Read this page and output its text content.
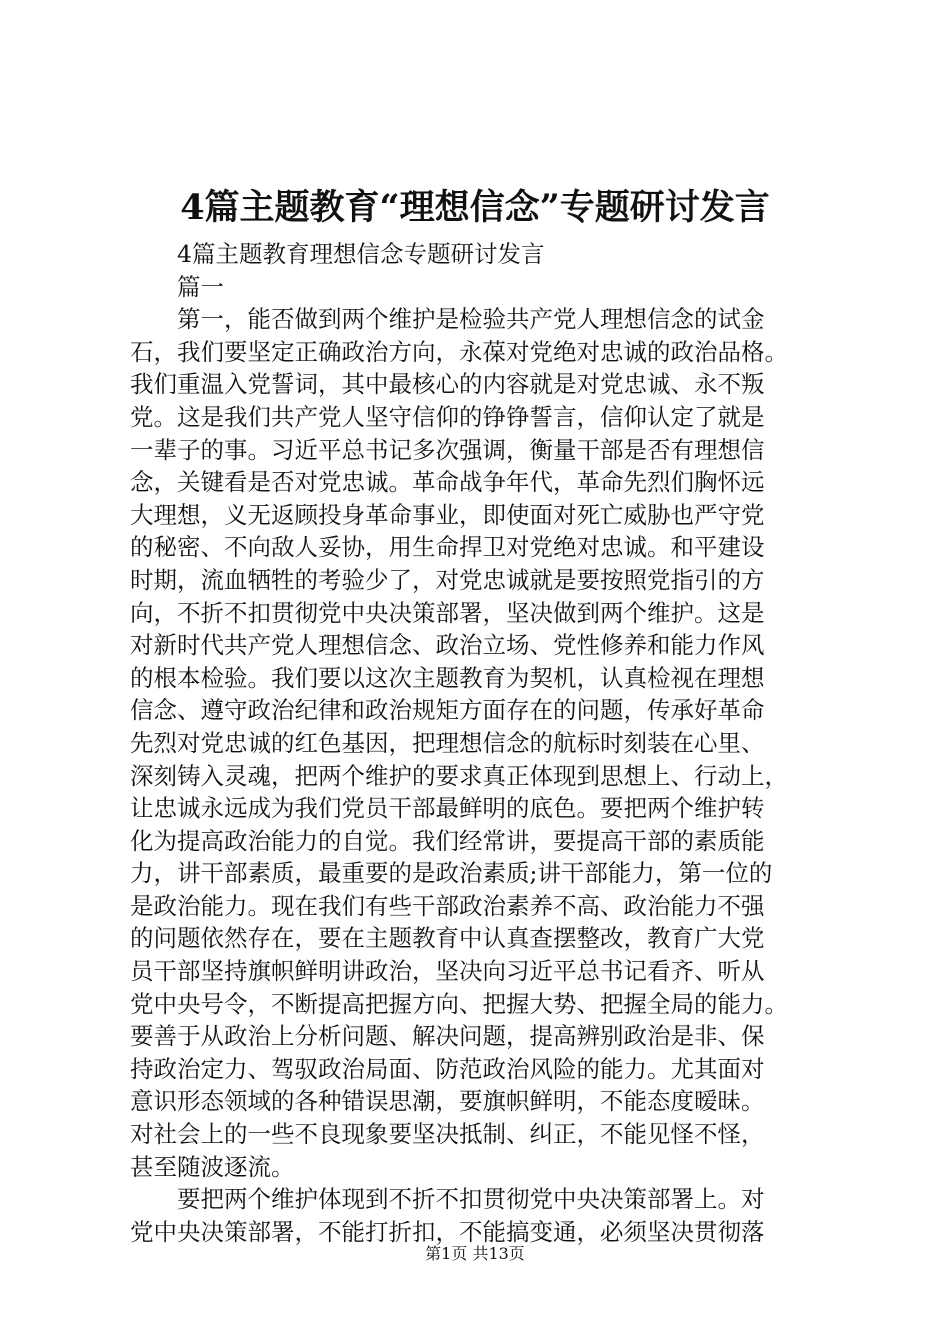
4篇主题教育“理想信念”专题研讨发言
4篇主题教育理想信念专题研讨发言
篇一
第一，能否做到两个维护是检验共产党人理想信念的试金
石，我们要坚定正确政治方向，永葆对党绝对忠诚的政治品格。
我们重温入党誓词，其中最核心的内容就是对党忠诚、永不叛
党。这是我们共产党人坚守信仰的铮铮誓言，信仰认定了就是
一辈子的事。习近平总书记多次强调，衡量干部是否有理想信
念，关键看是否对党忠诚。革命战争年代，革命先烈们胸怀远
大理想，义无返顾投身革命事业，即使面对死亡威胁也严守党
的秘密、不向敌人妥协，用生命捍卫对党绝对忠诚。和平建设
时期，流血牺牲的考验少了，对党忠诚就是要按照党指引的方
向，不折不扣贯彻党中央决策部署，坚决做到两个维护。这是
对新时代共产党人理想信念、政治立场、党性修养和能力作风
的根本检验。我们要以这次主题教育为契机，认真检视在理想
信念、遵守政治纪律和政治规矩方面存在的问题，传承好革命
先烈对党忠诚的红色基因，把理想信念的航标时刻装在心里、
深刻铸入灵魂，把两个维护的要求真正体现到思想上、行动上，
让忠诚永远成为我们党员干部最鲜明的底色。要把两个维护转
化为提高政治能力的自觉。我们经常讲，要提高干部的素质能
力，讲干部素质，最重要的是政治素质;讲干部能力，第一位的
是政治能力。现在我们有些干部政治素养不高、政治能力不强
的问题依然存在，要在主题教育中认真查摆整改，教育广大党
员干部坚持旗帜鲜明讲政治，坚决向习近平总书记看齐、听从
党中央号令，不断提高把握方向、把握大势、把握全局的能力。
要善于从政治上分析问题、解决问题，提高辨别政治是非、保
持政治定力、驾驭政治局面、防范政治风险的能力。尤其面对
意识形态领域的各种错误思潮，要旗帜鲜明，不能态度暧昧。
对社会上的一些不良现象要坚决抵制、纠正，不能见怪不怪，
甚至随波逐流。
要把两个维护体现到不折不扣贯彻党中央决策部署上。对
党中央决策部署，不能打折扣，不能搞变通，必须坚决贯彻落
第1页 共13页
